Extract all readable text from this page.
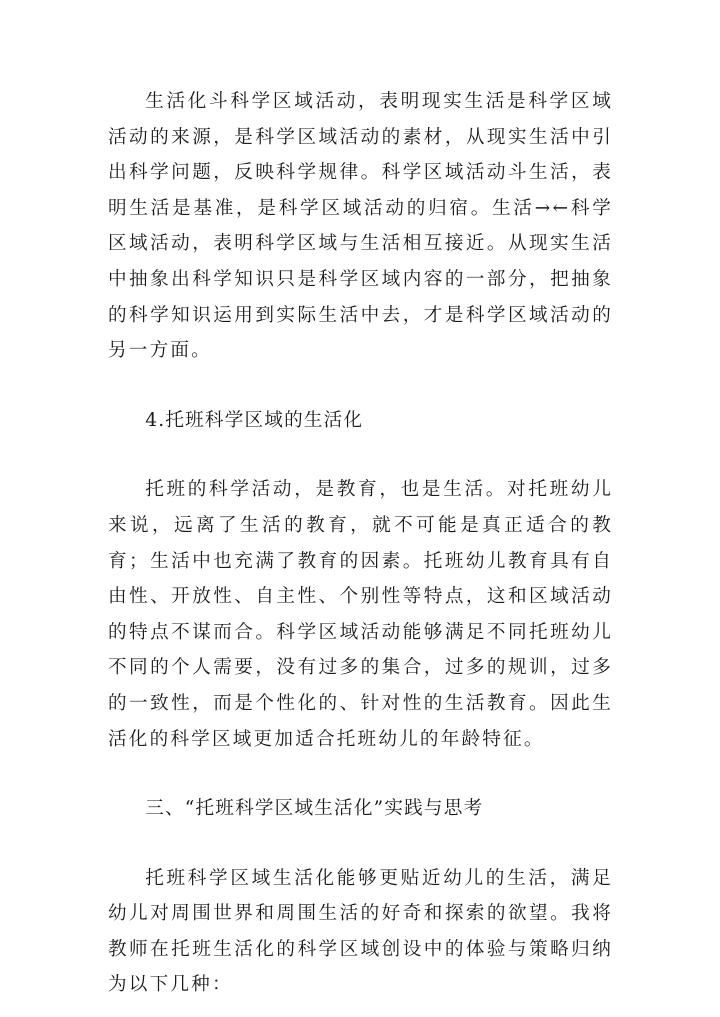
生活化斗科学区域活动，表明现实生活是科学区域活动的来源，是科学区域活动的素材，从现实生活中引出科学问题，反映科学规律。科学区域活动斗生活，表明生活是基准，是科学区域活动的归宿。生活→←科学区域活动，表明科学区域与生活相互接近。从现实生活中抽象出科学知识只是科学区域内容的一部分，把抽象的科学知识运用到实际生活中去，才是科学区域活动的另一方面。

4.托班科学区域的生活化

托班的科学活动，是教育，也是生活。对托班幼儿来说，远离了生活的教育，就不可能是真正适合的教育；生活中也充满了教育的因素。托班幼儿教育具有自由性、开放性、自主性、个别性等特点，这和区域活动的特点不谋而合。科学区域活动能够满足不同托班幼儿不同的个人需要，没有过多的集合，过多的规训，过多的一致性，而是个性化的、针对性的生活教育。因此生活化的科学区域更加适合托班幼儿的年龄特征。

三、“托班科学区域生活化”实践与思考

托班科学区域生活化能够更贴近幼儿的生活，满足幼儿对周围世界和周围生活的好奇和探索的欲望。我将教师在托班生活化的科学区域创设中的体验与策略归纳为以下几种：
